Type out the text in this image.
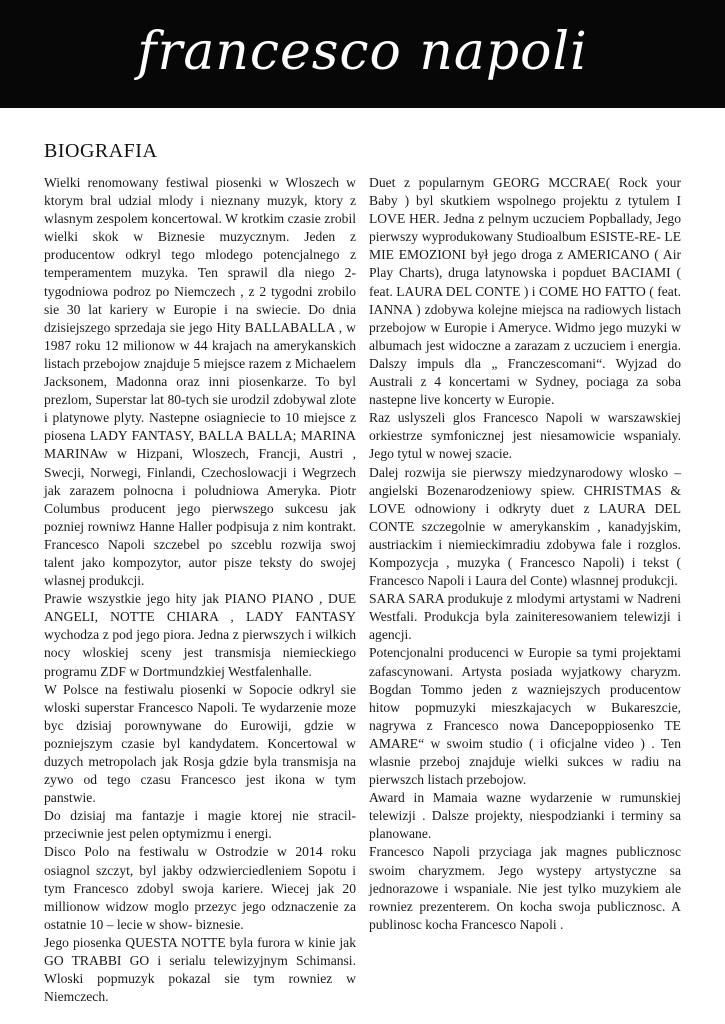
francesco napoli
BIOGRAFIA

Wielki renomowany festiwal piosenki w Wloszech w ktorym bral udzial mlody i nieznany muzyk, ktory z wlasnym zespolem koncertowal. W krotkim czasie zrobil wielki skok w Biznesie muzycznym. Jeden z producentow odkryl tego mlodego potencjalnego z temperamentem muzyka. Ten sprawil dla niego 2-tygodniowa podroz po Niemczech , z 2 tygodni zrobilo sie 30 lat kariery w Europie i na swiecie. Do dnia dzisiejszego sprzedaja sie jego Hity BALLABALLA , w 1987 roku 12 milionow w 44 krajach na amerykanskich listach przebojow znajduje 5 miejsce razem z Michaelem Jacksonem, Madonna oraz inni piosenkarze. To byl prezlom, Superstar lat 80-tych sie urodzil zdobywal zlote i platynowe plyty. Nastepne osiagniecie to 10 miejsce z piosena LADY FANTASY, BALLA BALLA; MARINA MARINAw w Hizpani, Wloszech, Francji, Austri , Swecji, Norwegi, Finlandi, Czechoslowacji i Wegrzech jak zarazem polnocna i poludniowa Ameryka. Piotr Columbus producent jego pierwszego sukcesu jak pozniej rowniwz Hanne Haller podpisuja z nim kontrakt. Francesco Napoli szczebel po szceblu rozwija swoj talent jako kompozytor, autor pisze teksty do swojej wlasnej produkcji.

Prawie wszystkie jego hity jak PIANO PIANO , DUE ANGELI, NOTTE CHIARA , LADY FANTASY wychodza z pod jego piora. Jedna z pierwszych i wilkich nocy wloskiej sceny jest transmisja niemieckiego programu ZDF w Dortmundzkiej Westfalenhalle.

W Polsce na festiwalu piosenki w Sopocie odkryl sie wloski superstar Francesco Napoli. Te wydarzenie moze byc dzisiaj porownywane do Eurowiji, gdzie w pozniejszym czasie byl kandydatem. Koncertowal w duzych metropolach jak Rosja gdzie byla transmisja na zywo od tego czasu Francesco jest ikona w tym panstwie.

Do dzisiaj ma fantazje i magie ktorej nie stracil- przeciwnie jest pelen optymizmu i energi.

Disco Polo na festiwalu w Ostrodzie w 2014 roku osiagnol szczyt, byl jakby odzwierciedleniem Sopotu i tym Francesco zdobyl swoja kariere. Wiecej jak 20 millionow widzow moglo przezyc jego odznaczenie za ostatnie 10 – lecie w show- biznesie.

Jego piosenka QUESTA NOTTE byla furora w kinie jak GO TRABBI GO i serialu telewizyjnym Schimansi. Wloski popmuzyk pokazal sie tym rowniez w Niemczech.

Duet z popularnym GEORG MCCRAE( Rock your Baby ) byl skutkiem wspolnego projektu z tytulem I LOVE HER. Jedna z pelnym uczuciem Popballady, Jego pierwszy wyprodukowany Studioalbum ESISTE-RE- LE MIE EMOZIONI był jego droga z AMERICANO ( Air Play Charts), druga latynowska i popduet BACIAMI ( feat. LAURA DEL CONTE ) i COME HO FATTO ( feat. IANNA ) zdobywa kolejne miejsca na radiowych listach przebojow w Europie i Ameryce. Widmo jego muzyki w albumach jest widoczne a zarazam z uczuciem i energia. Dalszy impuls dla „ Franczescomani“. Wyjzad do Australi z 4 koncertami w Sydney, pociaga za soba nastepne live koncerty w Europie.

Raz uslyszeli glos Francesco Napoli w warszawskiej orkiestrze symfonicznej jest niesamowicie wspanialy. Jego tytul w nowej szacie.

Dalej rozwija sie pierwszy miedzynarodowy wlosko –angielski Bozenarodzeniowy spiew. CHRISTMAS & LOVE odnowiony i odkryty duet z LAURA DEL CONTE szczegolnie w amerykanskim , kanadyjskim, austriackim i niemieckimradiu zdobywa fale i rozglos. Kompozycja , muzyka ( Francesco Napoli) i tekst ( Francesco Napoli i Laura del Conte) wlasnnej produkcji.

SARA SARA produkuje z mlodymi artystami w Nadreni Westfali. Produkcja byla zainiteresowaniem telewizji i agencji.

Potencjonalni producenci w Europie sa tymi projektami zafascynowani. Artysta posiada wyjatkowy charyzm. Bogdan Tommo jeden z wazniejszych producentow hitow popmuzyki mieszkajacych w Bukareszcie, nagrywa z Francesco nowa Dancepoppiosenko TE AMARE“ w swoim studio ( i oficjalne video ) . Ten wlasnie przeboj znajduje wielki sukces w radiu na pierwszch listach przebojow.

Award in Mamaia wazne wydarzenie w rumunskiej telewizji . Dalsze projekty, niespodzianki i terminy sa planowane.

Francesco Napoli przyciaga jak magnes publicznosc swoim charyzmem. Jego wystepy artystyczne sa jednorazowe i wspaniale. Nie jest tylko muzykiem ale rowniez prezenterem. On kocha swoja publicznosc. A publinosc kocha Francesco Napoli .
